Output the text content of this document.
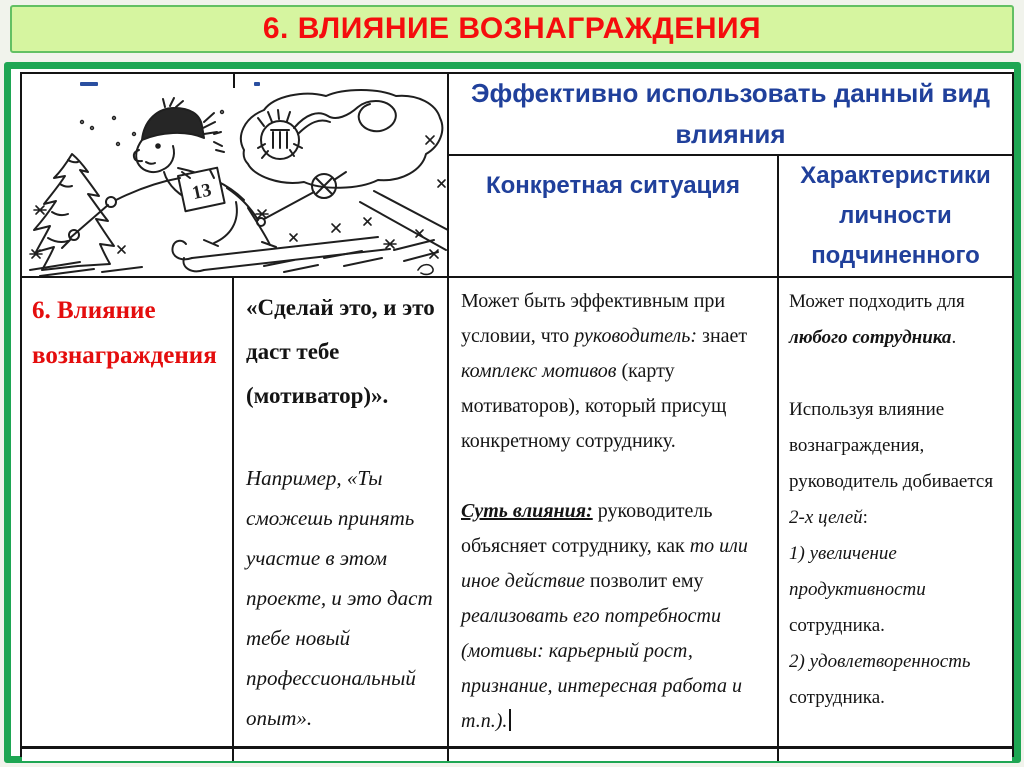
6. ВЛИЯНИЕ ВОЗНАГРАЖДЕНИЯ
13
Эффективно использовать данный вид влияния
Конкретная ситуация	Характеристики личности подчиненного
6. Влияние вознаграждения

«Сделай это, и это даст тебе (мотиватор)».

Например, «Ты сможешь принять участие в этом проекте, и это даст тебе новый профессиональный опыт».

Может быть эффективным при условии, что руководитель: знает комплекс мотивов (карту мотиваторов), который присущ конкретному сотруднику.

Суть влияния: руководитель объясняет сотруднику, как то или иное действие позволит ему реализовать его потребности (мотивы: карьерный рост, признание, интересная работа и т.п.).

Может подходить для любого сотрудника.

Используя влияние вознаграждения, руководитель добивается 2-х целей:

1) увеличение продуктивности сотрудника.

2) удовлетворенность сотрудника.
